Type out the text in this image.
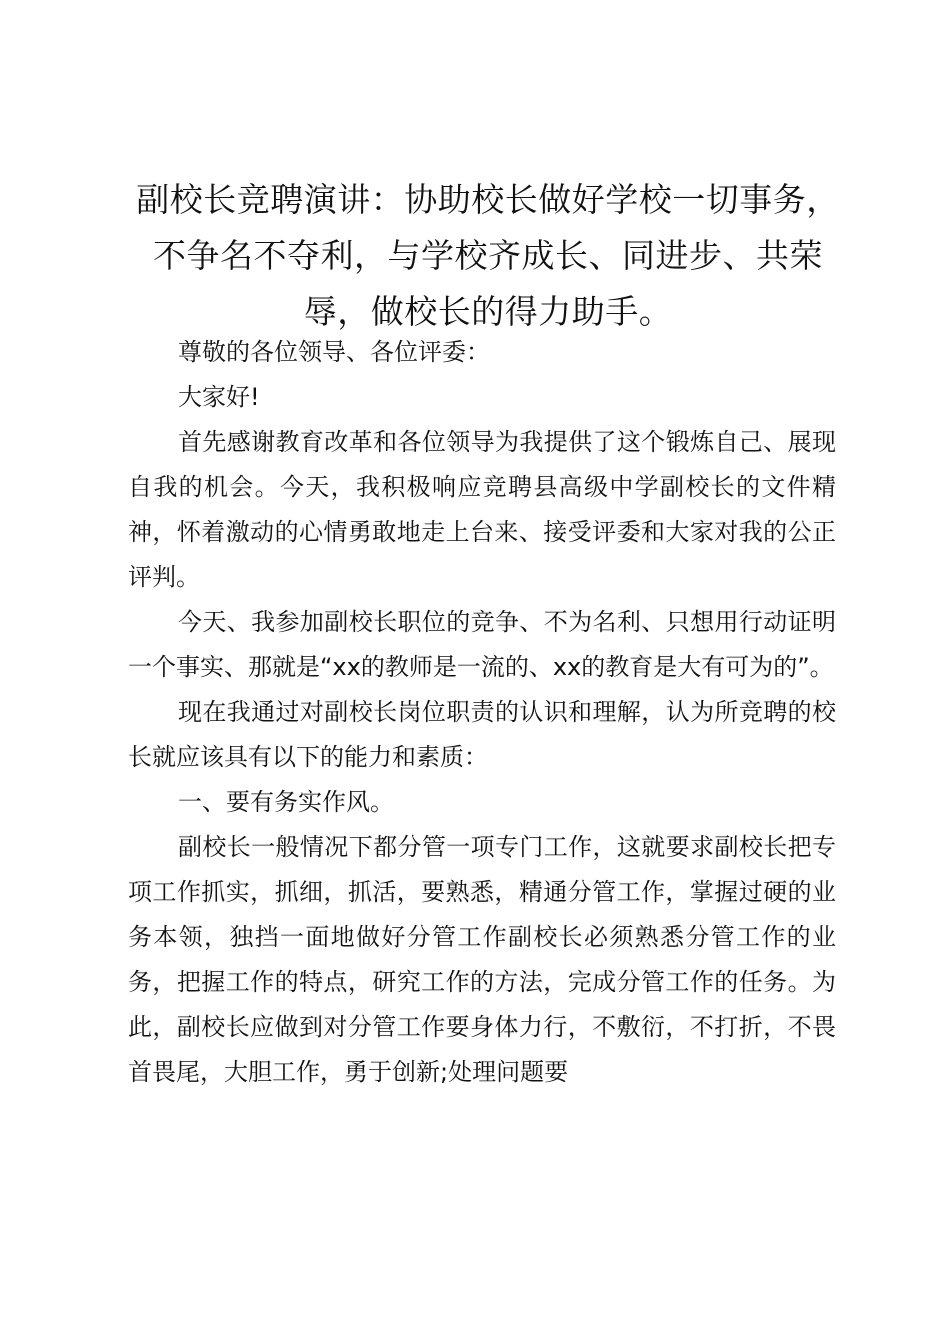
副校长竞聘演讲：协助校长做好学校一切事务，不争名不夺利，与学校齐成长、同进步、共荣辱，做校长的得力助手。

尊敬的各位领导、各位评委：

大家好!

首先感谢教育改革和各位领导为我提供了这个锻炼自己、展现自我的机会。今天，我积极响应竞聘县高级中学副校长的文件精神，怀着激动的心情勇敢地走上台来、接受评委和大家对我的公正评判。

今天、我参加副校长职位的竞争、不为名利、只想用行动证明一个事实、那就是“xx的教师是一流的、xx的教育是大有可为的”。

现在我通过对副校长岗位职责的认识和理解，认为所竞聘的校长就应该具有以下的能力和素质：

一、要有务实作风。

副校长一般情况下都分管一项专门工作，这就要求副校长把专项工作抓实，抓细，抓活，要熟悉，精通分管工作，掌握过硬的业务本领，独挡一面地做好分管工作副校长必须熟悉分管工作的业务，把握工作的特点，研究工作的方法，完成分管工作的任务。为此，副校长应做到对分管工作要身体力行，不敷衍，不打折，不畏首畏尾，大胆工作，勇于创新;处理问题要
